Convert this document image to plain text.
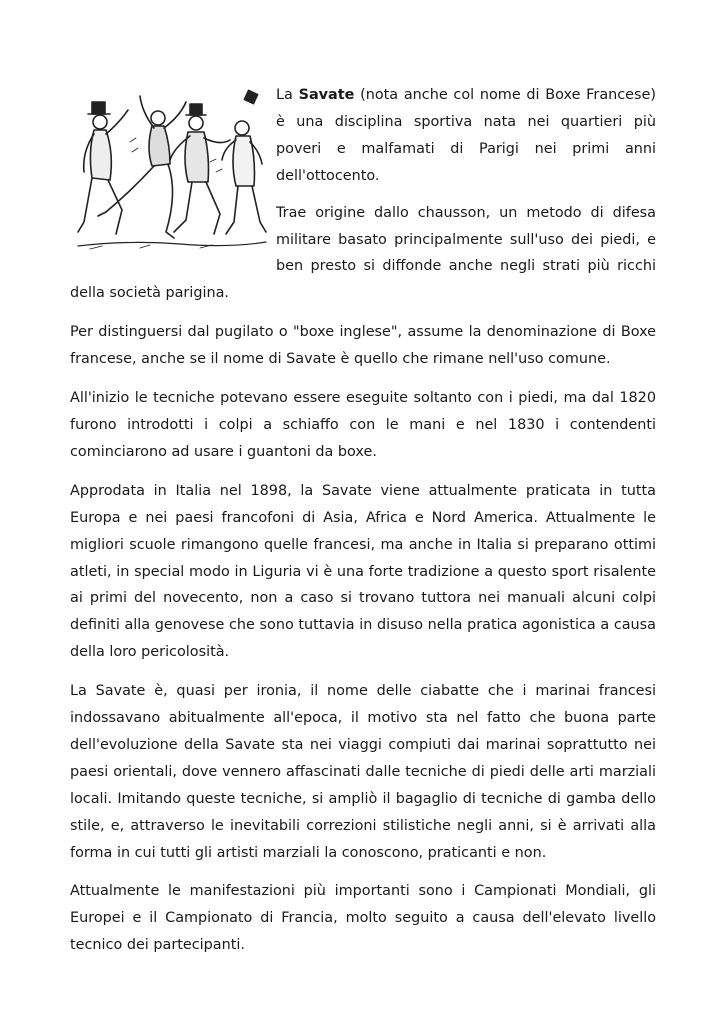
La Savate (nota anche col nome di Boxe Francese) è una disciplina sportiva nata nei quartieri più poveri e malfamati di Parigi nei primi anni dell'ottocento.

Trae origine dallo chausson, un metodo di difesa militare basato principalmente sull'uso dei piedi, e ben presto si diffonde anche negli strati più ricchi della società parigina.

Per distinguersi dal pugilato o "boxe inglese", assume la denominazione di Boxe francese, anche se il nome di Savate è quello che rimane nell'uso comune.

All'inizio le tecniche potevano essere eseguite soltanto con i piedi, ma dal 1820 furono introdotti i colpi a schiaffo con le mani e nel 1830 i contendenti cominciarono ad usare i guantoni da boxe.

Approdata in Italia nel 1898, la Savate viene attualmente praticata in tutta Europa e nei paesi francofoni di Asia, Africa e Nord America. Attualmente le migliori scuole rimangono quelle francesi, ma anche in Italia si preparano ottimi atleti, in special modo in Liguria vi è una forte tradizione a questo sport risalente ai primi del novecento, non a caso si trovano tuttora nei manuali alcuni colpi definiti alla genovese che sono tuttavia in disuso nella pratica agonistica a causa della loro pericolosità.

La Savate è, quasi per ironia, il nome delle ciabatte che i marinai francesi indossavano abitualmente all'epoca, il motivo sta nel fatto che buona parte dell'evoluzione della Savate sta nei viaggi compiuti dai marinai soprattutto nei paesi orientali, dove vennero affascinati dalle tecniche di piedi delle arti marziali locali. Imitando queste tecniche, si ampliò il bagaglio di tecniche di gamba dello stile, e, attraverso le inevitabili correzioni stilistiche negli anni, si è arrivati alla forma in cui tutti gli artisti marziali la conoscono, praticanti e non.

Attualmente le manifestazioni più importanti sono i Campionati Mondiali, gli Europei e il Campionato di Francia, molto seguito a causa dell'elevato livello tecnico dei partecipanti.
